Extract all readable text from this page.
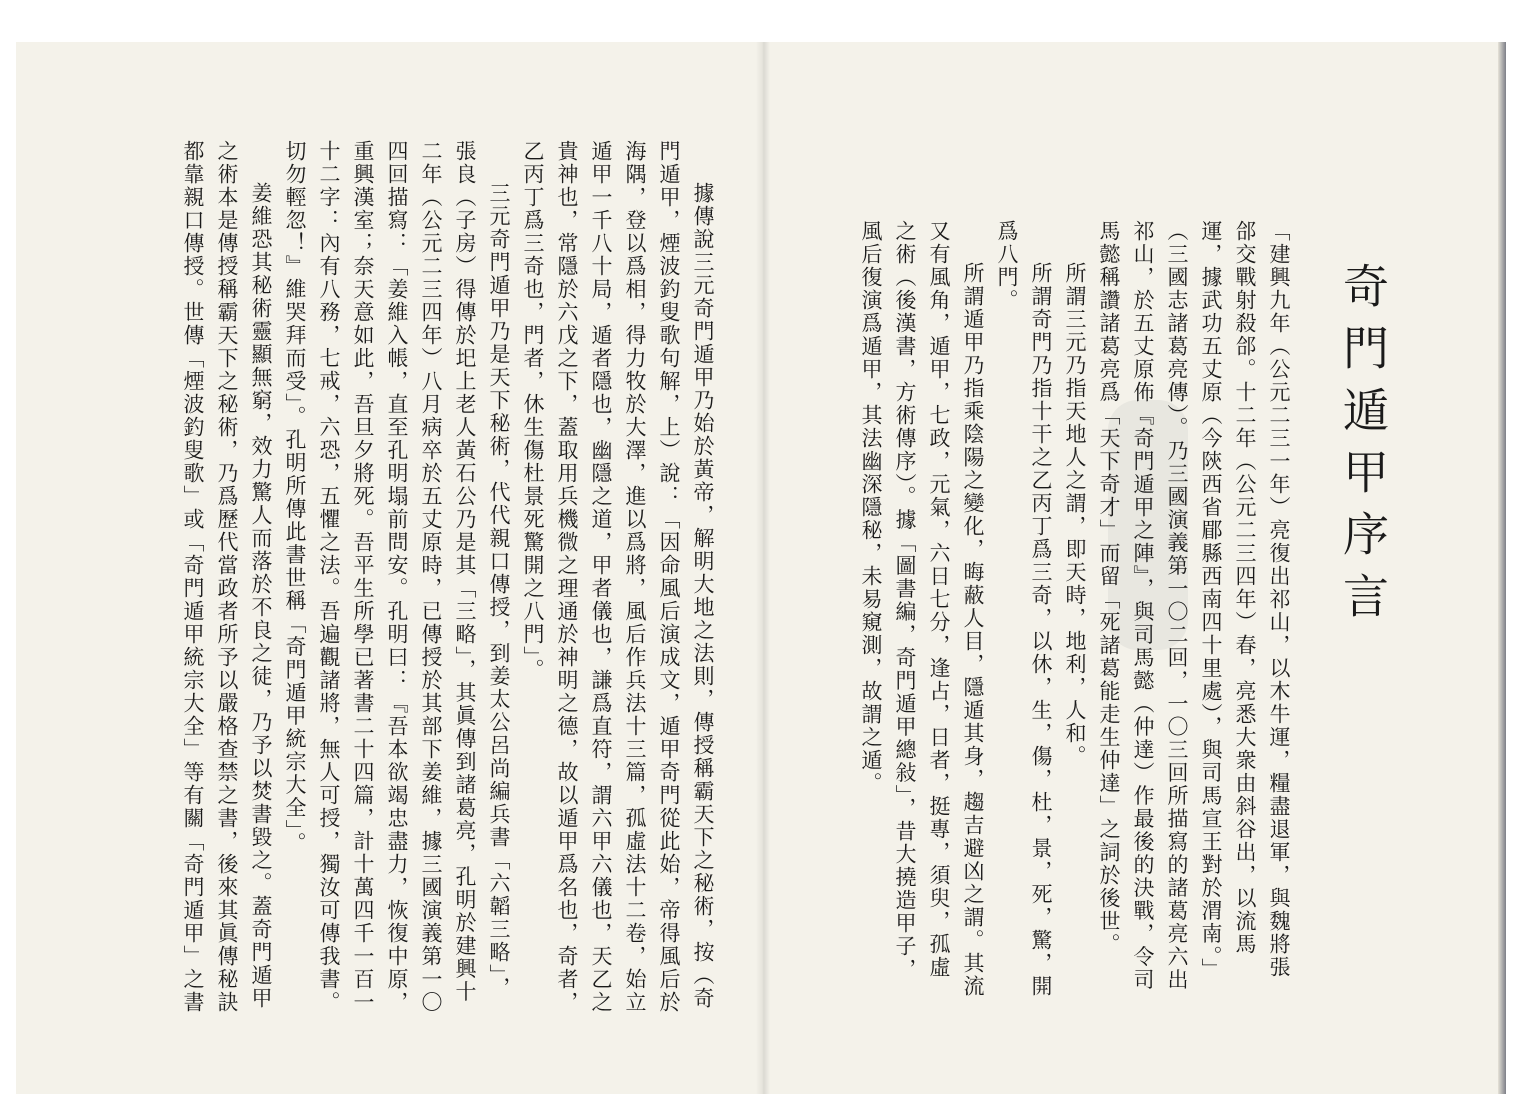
奇門遁甲序言

「建興九年（公元二三一年）亮復出祁山，以木牛運，糧盡退軍，與魏將張郃交戰射殺郃。十二年（公元二三四年）春，亮悉大衆由斜谷出，以流馬運，據武功五丈原（今陝西省郿縣西南四十里處），與司馬宣王對於渭南。」（三國志諸葛亮傳）。乃三國演義第一〇二回，一〇三回所描寫的諸葛亮六出祁山，於五丈原佈『奇門遁甲之陣』，與司馬懿（仲達）作最後的決戰，令司馬懿稱讚諸葛亮爲「天下奇才」而留「死諸葛能走生仲達」之詞於後世。

所謂三元乃指天地人之謂，即天時，地利，人和。

所謂奇門乃指十干之乙丙丁爲三奇，以休，生，傷，杜，景，死，驚，開爲八門。

所謂遁甲乃指乘陰陽之變化，晦蔽人目，隱遁其身，趨吉避凶之謂。其流又有風角，遁甲，七政，元氣，六日七分，逢占，日者，挺專，須臾，孤虛之術（後漢書，方術傳序）。據「圖書編，奇門遁甲總敍」，昔大撓造甲子，風后復演爲遁甲，其法幽深隱秘，未易窺測，故謂之遁。

據傳說三元奇門遁甲乃始於黃帝，解明大地之法則，傳授稱霸天下之秘術，按（奇門遁甲，煙波釣叟歌句解，上）說：「因命風后演成文，遁甲奇門從此始，帝得風后於海隅，登以爲相，得力牧於大澤，進以爲將，風后作兵法十三篇，孤虛法十二卷，始立遁甲一千八十局，遁者隱也，幽隱之道，甲者儀也，謙爲直符，謂六甲六儀也，天乙之貴神也，常隱於六戊之下，蓋取用兵機微之理通於神明之德，故以遁甲爲名也，奇者，乙丙丁爲三奇也，門者，休生傷杜景死驚開之八門」。

三元奇門遁甲乃是天下秘術，代代親口傳授，到姜太公呂尚編兵書「六韜三略」，張良（子房）得傳於圯上老人黃石公乃是其「三略」，其眞傳到諸葛亮，孔明於建興十二年（公元二三四年）八月病卒於五丈原時，已傳授於其部下姜維，據三國演義第一〇四回描寫：「姜維入帳，直至孔明塌前問安。孔明曰：『吾本欲竭忠盡力，恢復中原，重興漢室；奈天意如此，吾旦夕將死。吾平生所學已著書二十四篇，計十萬四千一百一十二字：內有八務，七戒，六恐，五懼之法。吾遍觀諸將，無人可授，獨汝可傳我書。切勿輕忽！』維哭拜而受」。孔明所傳此書世稱「奇門遁甲統宗大全」。

姜維恐其秘術靈顯無窮，效力驚人而落於不良之徒，乃予以焚書毀之。蓋奇門遁甲之術本是傳授稱霸天下之秘術，乃爲歷代當政者所予以嚴格查禁之書，後來其眞傳秘訣都靠親口傳授。世傳「煙波釣叟歌」或「奇門遁甲統宗大全」等有關「奇門遁甲」之書
